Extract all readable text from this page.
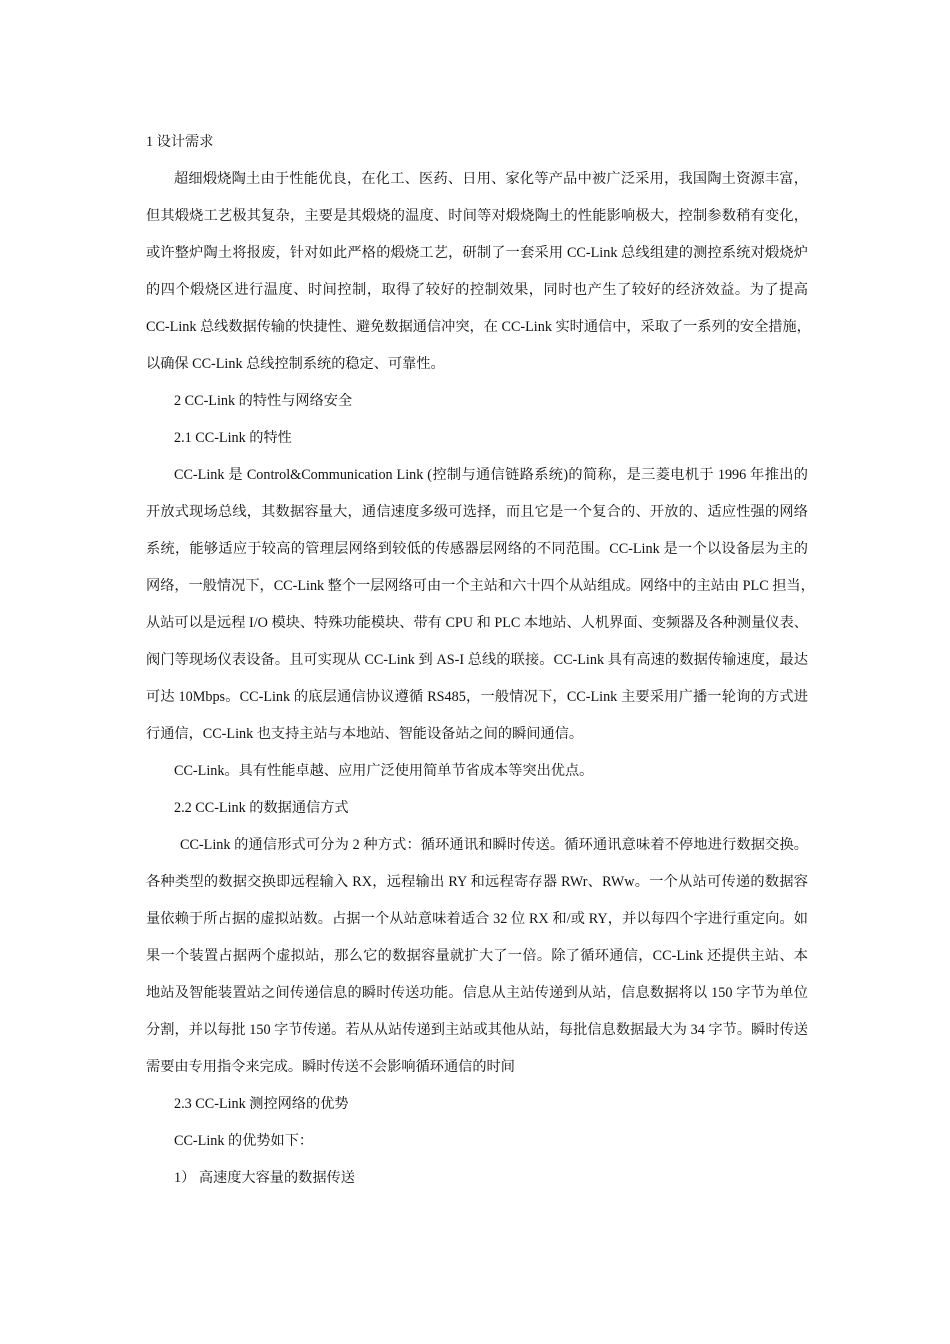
1 设计需求
超细煅烧陶土由于性能优良，在化工、医药、日用、家化等产品中被广泛采用，我国陶土资源丰富，
但其煅烧工艺极其复杂，主要是其煅烧的温度、时间等对煅烧陶土的性能影响极大，控制参数稍有变化，
或许整炉陶土将报废，针对如此严格的煅烧工艺，研制了一套采用 CC-Link 总线组建的测控系统对煅烧炉
的四个煅烧区进行温度、时间控制，取得了较好的控制效果，同时也产生了较好的经济效益。为了提高
CC-Link 总线数据传输的快捷性、避免数据通信冲突，在 CC-Link 实时通信中，采取了一系列的安全措施，
以确保 CC-Link 总线控制系统的稳定、可靠性。
2 CC-Link 的特性与网络安全
2.1 CC-Link 的特性
CC-Link 是 Control&Communication Link (控制与通信链路系统)的简称，是三菱电机于 1996 年推出的
开放式现场总线，其数据容量大，通信速度多级可选择，而且它是一个复合的、开放的、适应性强的网络
系统，能够适应于较高的管理层网络到较低的传感器层网络的不同范围。CC-Link 是一个以设备层为主的
网络，一般情况下，CC-Link 整个一层网络可由一个主站和六十四个从站组成。网络中的主站由 PLC 担当，
从站可以是远程 I/O 模块、特殊功能模块、带有 CPU 和 PLC 本地站、人机界面、变频器及各种测量仪表、
阀门等现场仪表设备。且可实现从 CC-Link 到 AS-I 总线的联接。CC-Link 具有高速的数据传输速度，最达
可达 10Mbps。CC-Link 的底层通信协议遵循 RS485，一般情况下，CC-Link 主要采用广播一轮询的方式进
行通信，CC-Link 也支持主站与本地站、智能设备站之间的瞬间通信。
CC-Link。具有性能卓越、应用广泛使用简单节省成本等突出优点。
2.2 CC-Link 的数据通信方式
CC-Link 的通信形式可分为 2 种方式：循环通讯和瞬时传送。循环通讯意味着不停地进行数据交换。
各种类型的数据交换即远程输入 RX，远程输出 RY 和远程寄存器 RWr、RWw。一个从站可传递的数据容
量依赖于所占据的虚拟站数。占据一个从站意味着适合 32 位 RX 和/或 RY，并以每四个字进行重定向。如
果一个装置占据两个虚拟站，那么它的数据容量就扩大了一倍。除了循环通信，CC-Link 还提供主站、本
地站及智能装置站之间传递信息的瞬时传送功能。信息从主站传递到从站，信息数据将以 150 字节为单位
分割，并以每批 150 字节传递。若从从站传递到主站或其他从站，每批信息数据最大为 34 字节。瞬时传送
需要由专用指令来完成。瞬时传送不会影响循环通信的时间
2.3 CC-Link 测控网络的优势
CC-Link 的优势如下：
1） 高速度大容量的数据传送
